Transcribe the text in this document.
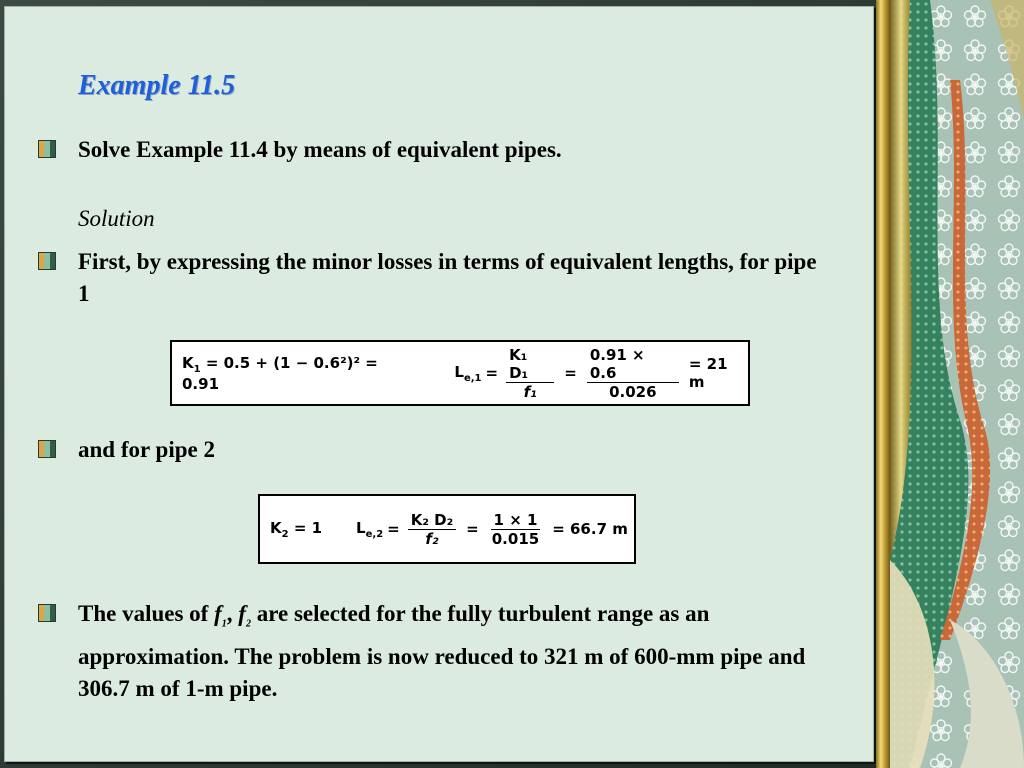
Example 11.5
Solve Example 11.4 by means of equivalent pipes.

Solution

First, by expressing the minor losses in terms of equivalent lengths, for pipe 1
$K_1 = 0.5 + (1 - 0.6^2)^2 = 0.91$
$L_{e,1} = \frac{\text{K₁ D₁}}{\text{f₁}} = \frac{0.91 \times 0.6}{0.026} = 21$ m
and for pipe 2
$K_2 = 1$ $L_{e,2} = \frac{\text{K₂ D₂}}{\text{f₂}} = \frac{1 \times 1}{0.015} = 66.7$ m
The values of $f_1$, $f_2$ are selected for the fully turbulent range as an approximation. The problem is now reduced to 321 m of 600-mm pipe and 306.7 m of 1-m pipe.
